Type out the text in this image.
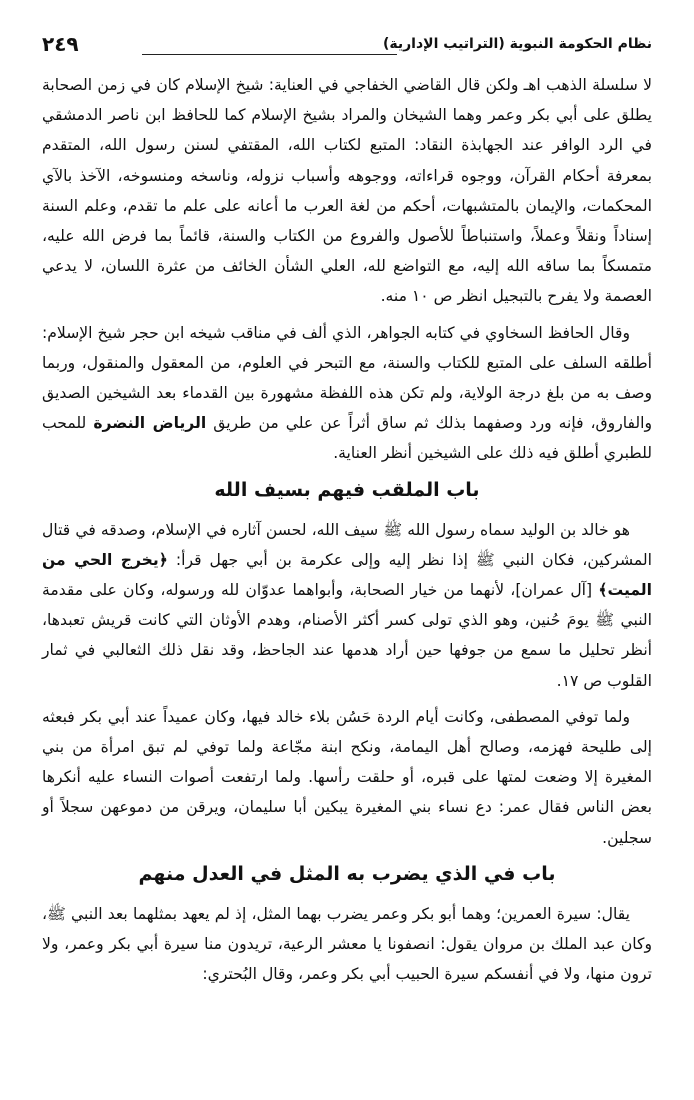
نظام الحكومة النبوية (التراتيب الإدارية)
٢٤٩

لا سلسلة الذهب اهـ ولكن قال القاضي الخفاجي في العناية: شيخ الإسلام كان في زمن الصحابة يطلق على أبي بكر وعمر وهما الشيخان والمراد بشيخ الإسلام كما للحافظ ابن ناصر الدمشقي في الرد الوافر عند الجهابذة النقاد: المتبع لكتاب الله، المقتفي لسنن رسول الله، المتقدم بمعرفة أحكام القرآن، ووجوه قراءاته، ووجوهه وأسباب نزوله، وناسخه ومنسوخه، الآخذ بالآي المحكمات، والإيمان بالمتشبهات، أحكم من لغة العرب ما أعانه على علم ما تقدم، وعلم السنة إسناداً ونقلاً وعملاً، واستنباطاً للأصول والفروع من الكتاب والسنة، قائماً بما فرض الله عليه، متمسكاً بما ساقه الله إليه، مع التواضع لله، العلي الشأن الخائف من عثرة اللسان، لا يدعي العصمة ولا يفرح بالتبجيل انظر ص ١٠ منه.

وقال الحافظ السخاوي في كتابه الجواهر، الذي ألف في مناقب شيخه ابن حجر شيخ الإسلام: أطلقه السلف على المتبع للكتاب والسنة، مع التبحر في العلوم، من المعقول والمنقول، وربما وصف به من بلغ درجة الولاية، ولم تكن هذه اللفظة مشهورة بين القدماء بعد الشيخين الصديق والفاروق، فإنه ورد وصفهما بذلك ثم ساق أثراً عن علي من طريق الرياض النضرة للمحب للطبري أطلق فيه ذلك على الشيخين أنظر العناية.

باب الملقب فيهم بسيف الله

هو خالد بن الوليد سماه رسول الله ﷺ سيف الله، لحسن آثاره في الإسلام، وصدقه في قتال المشركين، فكان النبي ﷺ إذا نظر إليه وإلى عكرمة بن أبي جهل قرأ: ﴿يخرج الحي من الميت﴾ [آل عمران]، لأنهما من خيار الصحابة، وأبواهما عدوّان لله ورسوله، وكان على مقدمة النبي ﷺ يومَ حُنين، وهو الذي تولى كسر أكثر الأصنام، وهدم الأوثان التي كانت قريش تعبدها، أنظر تحليل ما سمع من جوفها حين أراد هدمها عند الجاحظ، وقد نقل ذلك الثعالبي في ثمار القلوب ص ١٧.

ولما توفي المصطفى، وكانت أيام الردة حَسُن بلاء خالد فيها، وكان عميداً عند أبي بكر فبعثه إلى طليحة فهزمه، وصالح أهل اليمامة، ونكح ابنة مجّاعة ولما توفي لم تبق امرأة من بني المغيرة إلا وضعت لمتها على قبره، أو حلقت رأسها. ولما ارتفعت أصوات النساء عليه أنكرها بعض الناس فقال عمر: دع نساء بني المغيرة يبكين أبا سليمان، ويرقن من دموعهن سجلاً أو سجلين.

باب في الذي يضرب به المثل في العدل منهم

يقال: سيرة العمرين؛ وهما أبو بكر وعمر يضرب بهما المثل، إذ لم يعهد بمثلهما بعد النبي ﷺ، وكان عبد الملك بن مروان يقول: انصفونا يا معشر الرعية، تريدون منا سيرة أبي بكر وعمر، ولا ترون منها، ولا في أنفسكم سيرة الحبيب أبي بكر وعمر، وقال البُحتري:
